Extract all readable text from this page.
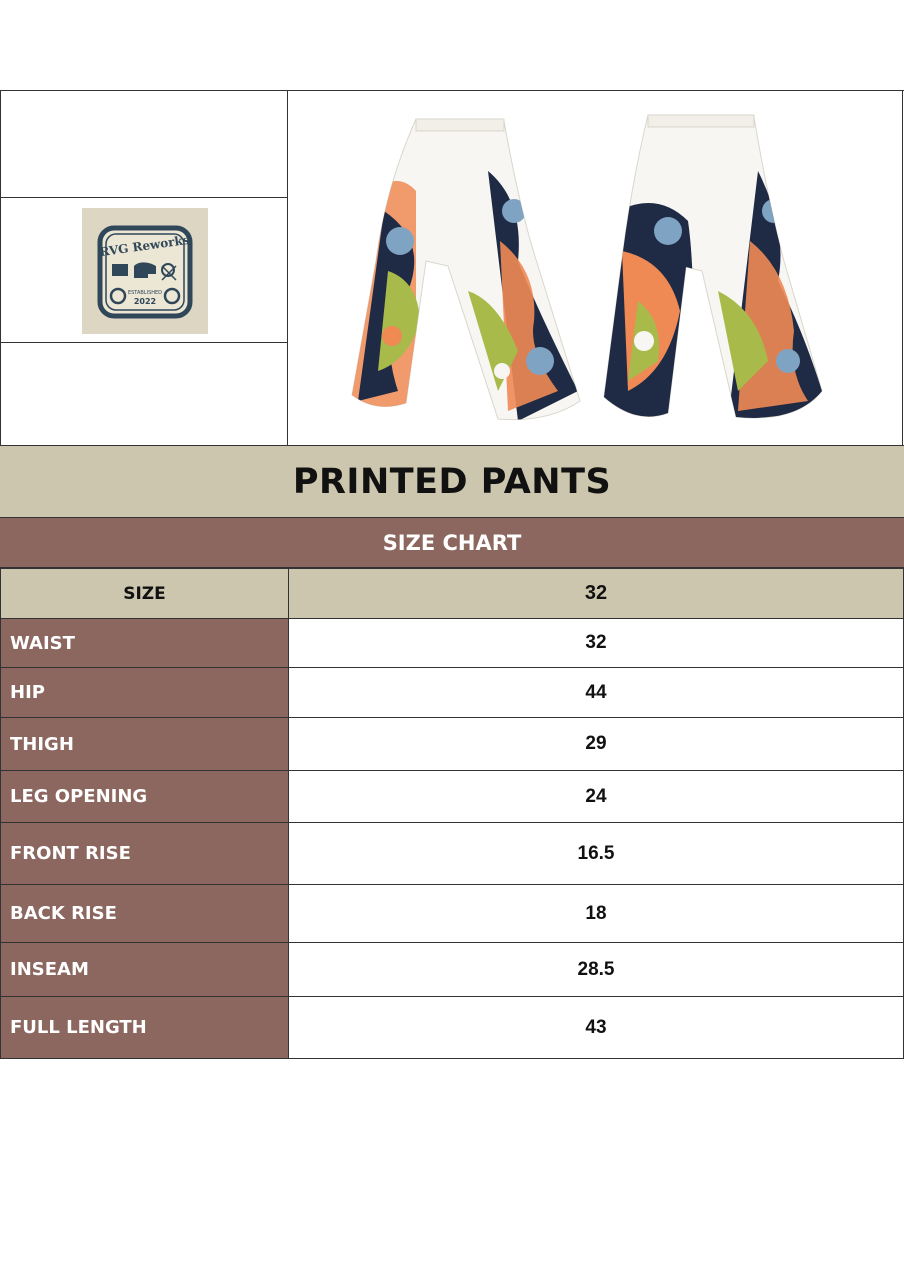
RVG Reworks
ESTABLISHED
2022
PRINTED PANTS
SIZE CHART
SIZE	32
WAIST	32
HIP	44
THIGH	29
LEG OPENING	24
FRONT RISE	16.5
BACK RISE	18
INSEAM	28.5
FULL LENGTH	43
